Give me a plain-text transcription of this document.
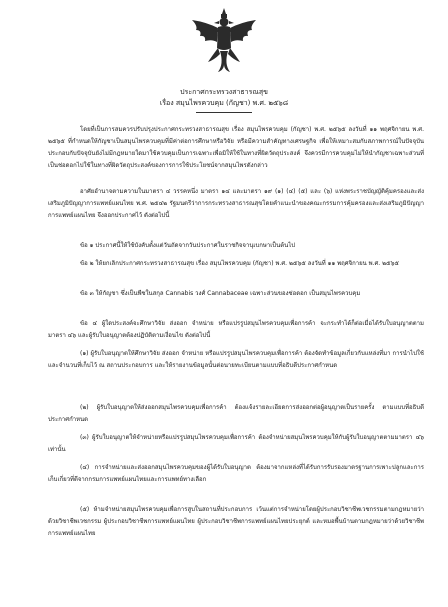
ประกาศกระทรวงสาธารณสุข
เรื่อง สมุนไพรควบคุม (กัญชา) พ.ศ. ๒๕๖๘
โดยที่เป็นการสมควรปรับปรุงประกาศกระทรวงสาธารณสุข เรื่อง สมุนไพรควบคุม (กัญชา) พ.ศ. ๒๕๖๕ ลงวันที่ ๑๑ พฤศจิกายน พ.ศ. ๒๕๖๕ ที่กำหนดให้กัญชาเป็นสมุนไพรควบคุมที่มีค่าต่อการศึกษาหรือวิจัย หรือมีความสำคัญทางเศรษฐกิจ เพื่อให้เหมาะสมกับสภาพการณ์ในปัจจุบันประกอบกับปัจจุบันยังไม่มีกฎหมายใดมาใช้ควบคุมเป็นการเฉพาะเพื่อมิให้ใช้ในทางที่ผิดวัตถุประสงค์ จึงควรมีการควบคุมไม่ให้นำกัญชาเฉพาะส่วนที่เป็นช่อดอกไปใช้ในทางที่ผิดวัตถุประสงค์ของการการใช้ประโยชน์จากสมุนไพรดังกล่าว
อาศัยอำนาจตามความในมาตรา ๔ วรรคหนึ่ง มาตรา ๑๔ และมาตรา ๑๙ (๑) (๔) (๕) และ (๖) แห่งพระราชบัญญัติคุ้มครองและส่งเสริมภูมิปัญญาการแพทย์แผนไทย พ.ศ. ๒๕๔๒ รัฐมนตรีว่าการกระทรวงสาธารณสุขโดยคำแนะนำของคณะกรรมการคุ้มครองและส่งเสริมภูมิปัญญาการแพทย์แผนไทย จึงออกประกาศไว้ ดังต่อไปนี้
ข้อ ๑ ประกาศนี้ให้ใช้บังคับตั้งแต่วันถัดจากวันประกาศในราชกิจจานุเบกษาเป็นต้นไป
ข้อ ๒ ให้ยกเลิกประกาศกระทรวงสาธารณสุข เรื่อง สมุนไพรควบคุม (กัญชา) พ.ศ. ๒๕๖๕ ลงวันที่ ๑๑ พฤศจิกายน พ.ศ. ๒๕๖๕
ข้อ ๓ ให้กัญชา ซึ่งเป็นพืชในสกุล Cannabis วงศ์ Cannabaceae เฉพาะส่วนของช่อดอก เป็นสมุนไพรควบคุม
ข้อ ๔ ผู้ใดประสงค์จะศึกษาวิจัย ส่งออก จำหน่าย หรือแปรรูปสมุนไพรควบคุมเพื่อการค้า จะกระทำได้ก็ต่อเมื่อได้รับใบอนุญาตตามมาตรา ๔๖ และผู้รับใบอนุญาตต้องปฏิบัติตามเงื่อนไข ดังต่อไปนี้
(๑) ผู้รับใบอนุญาตให้ศึกษาวิจัย ส่งออก จำหน่าย หรือแปรรูปสมุนไพรควบคุมเพื่อการค้า ต้องจัดทำข้อมูลเกี่ยวกับแหล่งที่มา การนำไปใช้ และจำนวนที่เก็บไว้ ณ สถานประกอบการ และให้รายงานข้อมูลนั้นต่อนายทะเบียนตามแบบที่อธิบดีประกาศกำหนด
(๒) ผู้รับใบอนุญาตให้ส่งออกสมุนไพรควบคุมเพื่อการค้า ต้องแจ้งรายละเอียดการส่งออกต่อผู้อนุญาตเป็นรายครั้ง ตามแบบที่อธิบดีประกาศกำหนด
(๓) ผู้รับใบอนุญาตให้จำหน่ายหรือแปรรูปสมุนไพรควบคุมเพื่อการค้า ต้องจำหน่ายสมุนไพรควบคุมให้กับผู้รับใบอนุญาตตามมาตรา ๔๖ เท่านั้น
(๔) การจำหน่ายและส่งออกสมุนไพรควบคุมของผู้ได้รับใบอนุญาต ต้องมาจากแหล่งที่ได้รับการรับรองมาตรฐานการเพาะปลูกและการเก็บเกี่ยวที่ดีจากกรมการแพทย์แผนไทยและการแพทย์ทางเลือก
(๕) ห้ามจำหน่ายสมุนไพรควบคุมเพื่อการสูบในสถานที่ประกอบการ เว้นแต่การจำหน่ายโดยผู้ประกอบวิชาชีพเวชกรรมตามกฎหมายว่าด้วยวิชาชีพเวชกรรม ผู้ประกอบวิชาชีพการแพทย์แผนไทย ผู้ประกอบวิชาชีพการแพทย์แผนไทยประยุกต์ และหมอพื้นบ้านตามกฎหมายว่าด้วยวิชาชีพการแพทย์แผนไทย
